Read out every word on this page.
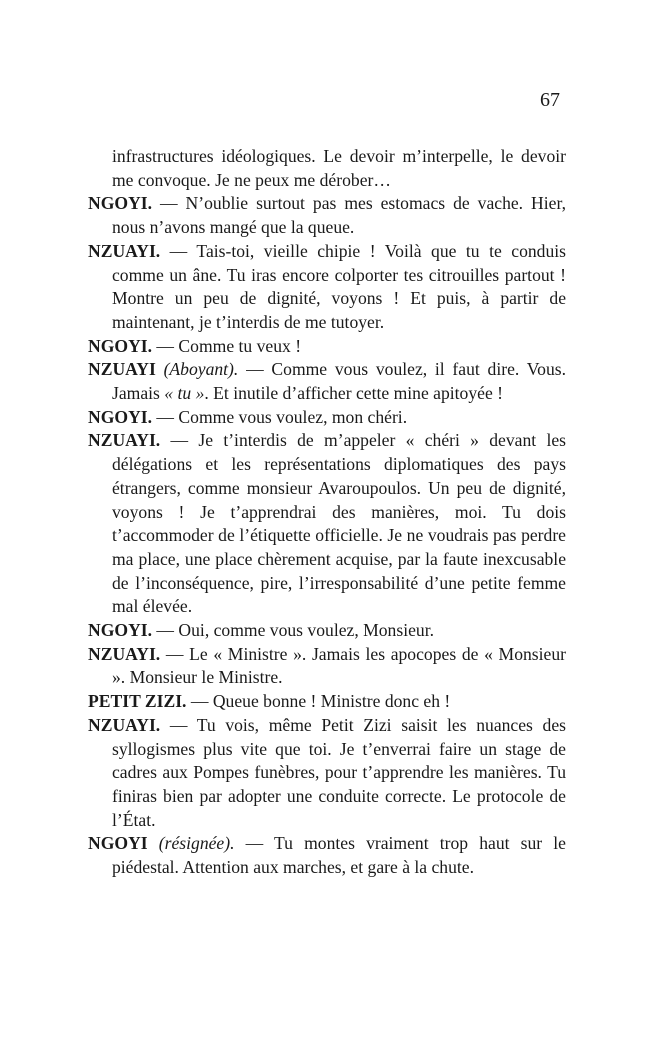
67

infrastructures idéologiques. Le devoir m’interpelle, le devoir me convoque. Je ne peux me dérober…

NGOYI. — N’oublie surtout pas mes estomacs de vache. Hier, nous n’avons mangé que la queue.

NZUAYI. — Tais-toi, vieille chipie ! Voilà que tu te conduis comme un âne. Tu iras encore colporter tes citrouilles partout ! Montre un peu de dignité, voyons ! Et puis, à partir de maintenant, je t’interdis de me tutoyer.

NGOYI. — Comme tu veux !

NZUAYI (Aboyant). — Comme vous voulez, il faut dire. Vous. Jamais « tu ». Et inutile d’afficher cette mine apitoyée !

NGOYI. — Comme vous voulez, mon chéri.

NZUAYI. — Je t’interdis de m’appeler « chéri » devant les délégations et les représentations diplomatiques des pays étrangers, comme monsieur Avaroupoulos. Un peu de dignité, voyons ! Je t’apprendrai des manières, moi. Tu dois t’accommoder de l’étiquette officielle. Je ne voudrais pas perdre ma place, une place chèrement acquise, par la faute inexcusable de l’inconséquence, pire, l’irresponsabilité d’une petite femme mal élevée.

NGOYI. — Oui, comme vous voulez, Monsieur.

NZUAYI. — Le « Ministre ». Jamais les apocopes de « Monsieur ». Monsieur le Ministre.

PETIT ZIZI. — Queue bonne ! Ministre donc eh !

NZUAYI. — Tu vois, même Petit Zizi saisit les nuances des syllogismes plus vite que toi. Je t’enverrai faire un stage de cadres aux Pompes funèbres, pour t’apprendre les manières. Tu finiras bien par adopter une conduite correcte. Le protocole de l’État.

NGOYI (résignée). — Tu montes vraiment trop haut sur le piédestal. Attention aux marches, et gare à la chute.
